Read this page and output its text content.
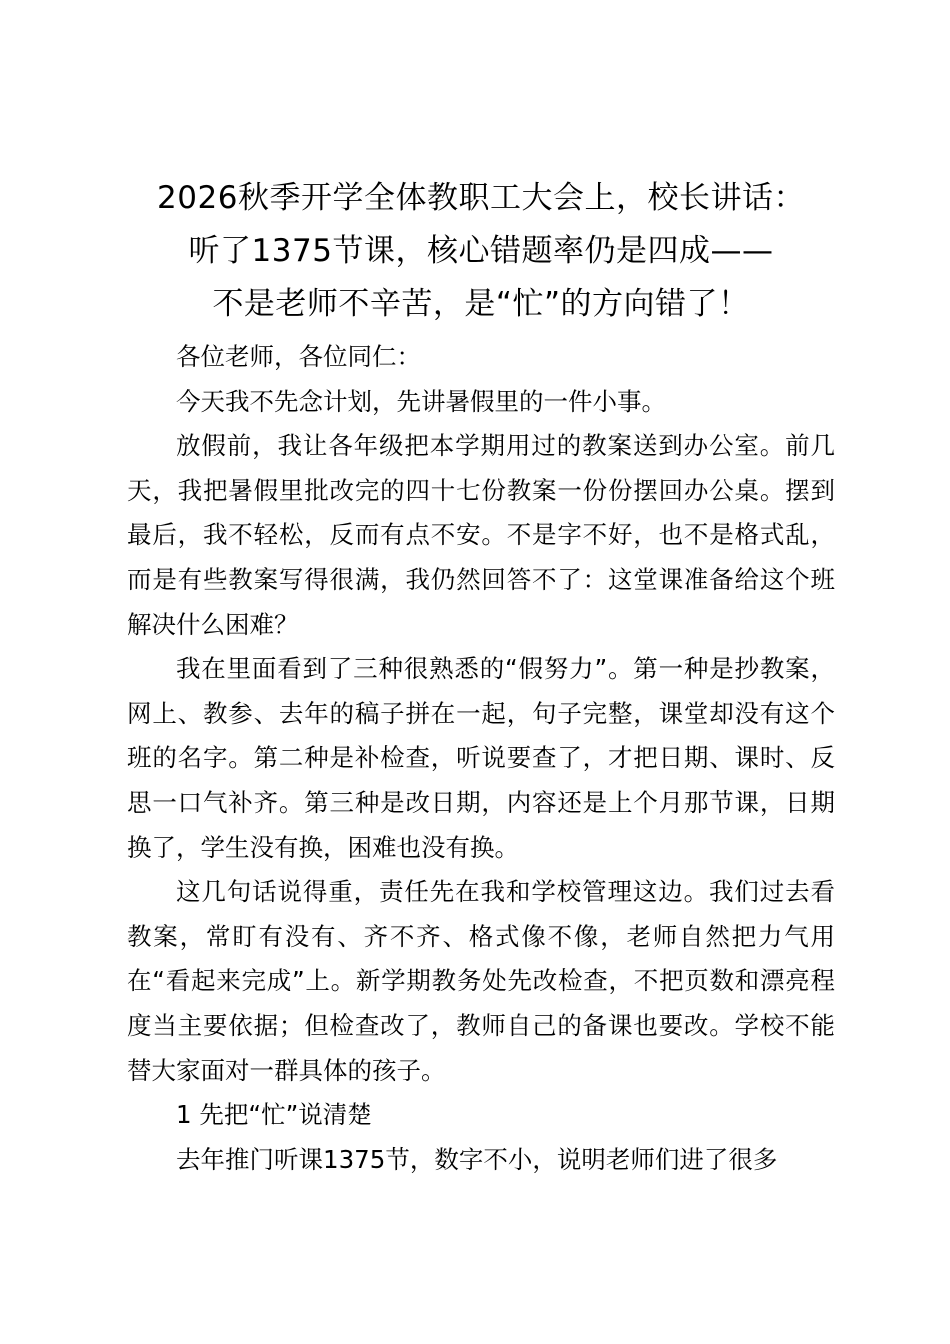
2026秋季开学全体教职工大会上，校长讲话：
听了1375节课，核心错题率仍是四成——
不是老师不辛苦，是“忙”的方向错了！

各位老师，各位同仁：

今天我不先念计划，先讲暑假里的一件小事。

放假前，我让各年级把本学期用过的教案送到办公室。前几天，我把暑假里批改完的四十七份教案一份份摆回办公桌。摆到最后，我不轻松，反而有点不安。不是字不好，也不是格式乱，而是有些教案写得很满，我仍然回答不了：这堂课准备给这个班解决什么困难？

我在里面看到了三种很熟悉的“假努力”。第一种是抄教案，网上、教参、去年的稿子拼在一起，句子完整，课堂却没有这个班的名字。第二种是补检查，听说要查了，才把日期、课时、反思一口气补齐。第三种是改日期，内容还是上个月那节课，日期换了，学生没有换，困难也没有换。

这几句话说得重，责任先在我和学校管理这边。我们过去看教案，常盯有没有、齐不齐、格式像不像，老师自然把力气用在“看起来完成”上。新学期教务处先改检查，不把页数和漂亮程度当主要依据；但检查改了，教师自己的备课也要改。学校不能替大家面对一群具体的孩子。

1 先把“忙”说清楚

去年推门听课1375节，数字不小，说明老师们进了很多
